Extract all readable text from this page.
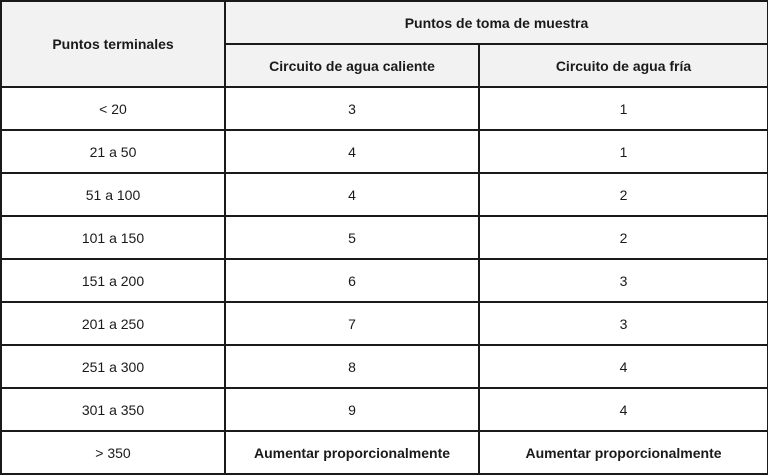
Puntos terminales	Puntos de toma de muestra	
	Circuito de agua caliente	Circuito de agua fría
< 20	3	1
21 a 50	4	1
51 a 100	4	2
101 a 150	5	2
151 a 200	6	3
201 a 250	7	3
251 a 300	8	4
301 a 350	9	4
> 350	Aumentar proporcionalmente	Aumentar proporcionalmente
